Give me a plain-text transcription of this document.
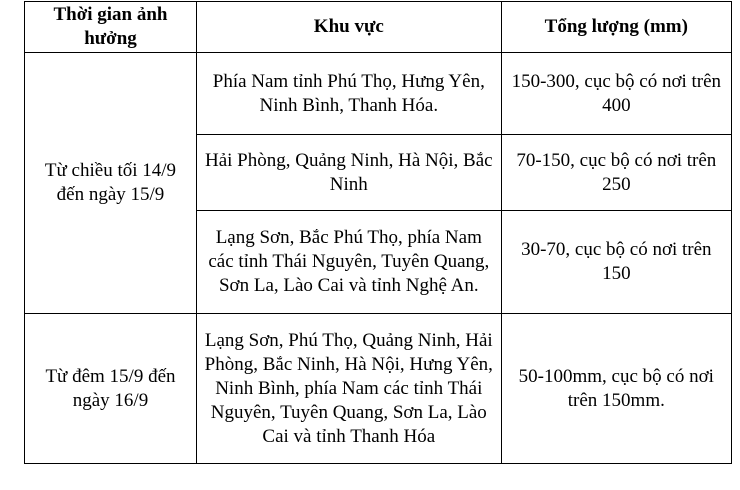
Thời gian ảnh hưởng	Khu vực	Tổng lượng (mm)
Từ chiều tối 14/9 đến ngày 15/9	Phía Nam tỉnh Phú Thọ, Hưng Yên, Ninh Bình, Thanh Hóa.	150-300, cục bộ có nơi trên 400
	Hải Phòng, Quảng Ninh, Hà Nội, Bắc Ninh	70-150, cục bộ có nơi trên 250
	Lạng Sơn, Bắc Phú Thọ, phía Nam các tỉnh Thái Nguyên, Tuyên Quang, Sơn La, Lào Cai và tỉnh Nghệ An.	30-70, cục bộ có nơi trên 150
Từ đêm 15/9 đến ngày 16/9	Lạng Sơn, Phú Thọ, Quảng Ninh, Hải Phòng, Bắc Ninh, Hà Nội, Hưng Yên, Ninh Bình, phía Nam các tỉnh Thái Nguyên, Tuyên Quang, Sơn La, Lào Cai và tỉnh Thanh Hóa	50-100mm, cục bộ có nơi trên 150mm.
